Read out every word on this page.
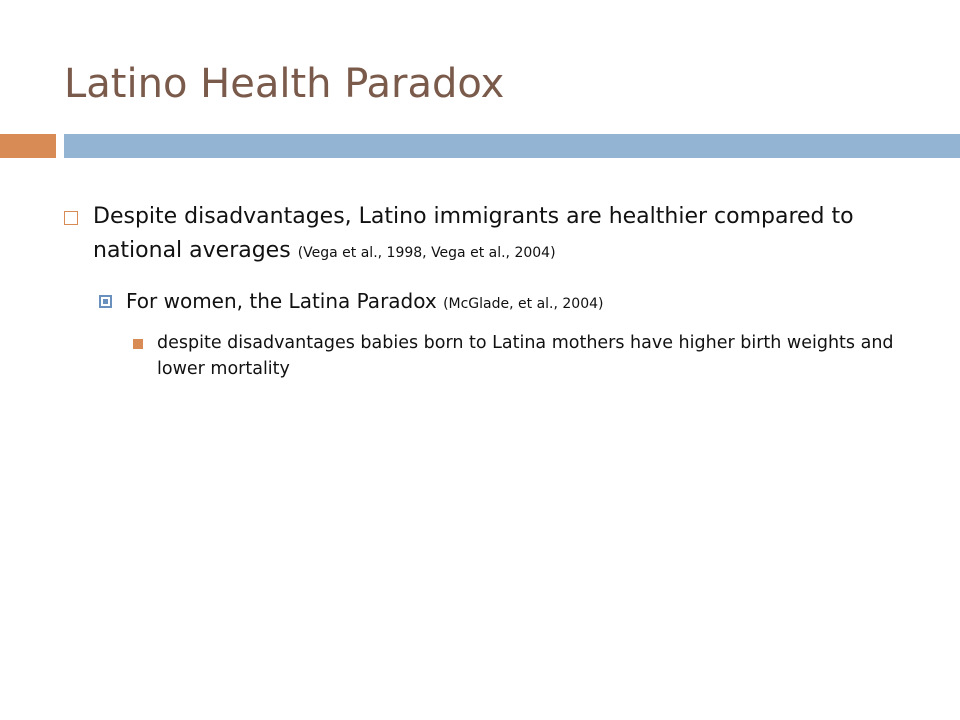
Latino Health Paradox
Despite disadvantages, Latino immigrants are healthier compared to national averages (Vega et al., 1998, Vega et al., 2004)
For women, the Latina Paradox (McGlade, et al., 2004)
despite disadvantages babies born to Latina mothers have higher birth weights and lower mortality
